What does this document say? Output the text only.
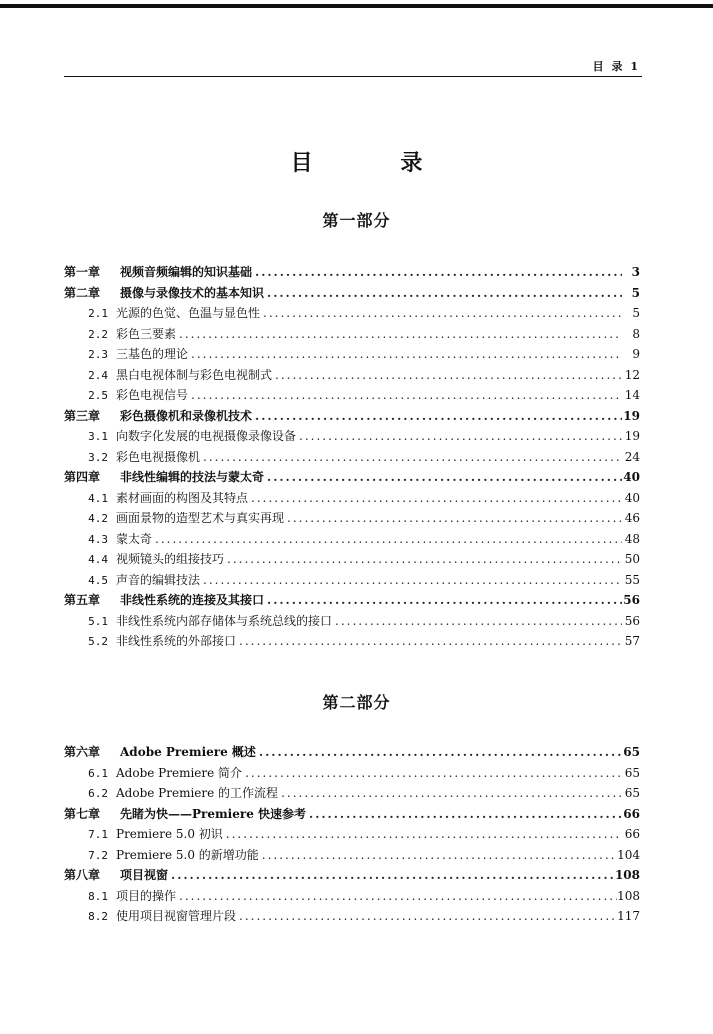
目 录 1
目 录
第一部分
第一章	视频音频编辑的知识基础 .....	3
第二章	摄像与录像技术的基本知识 .....	5
2.1 光源的色觉、色温与显色性 .....	5
2.2 彩色三要素 .....	8
2.3 三基色的理论 .....	9
2.4 黑白电视体制与彩色电视制式 .....	12
2.5 彩色电视信号 .....	14
第三章	彩色摄像机和录像机技术 .....	19
3.1 向数字化发展的电视摄像录像设备 .....	19
3.2 彩色电视摄像机 .....	24
第四章	非线性编辑的技法与蒙太奇 .....	40
4.1 素材画面的构图及其特点 .....	40
4.2 画面景物的造型艺术与真实再现 .....	46
4.3 蒙太奇 .....	48
4.4 视频镜头的组接技巧 .....	50
4.5 声音的编辑技法 .....	55
第五章	非线性系统的连接及其接口 .....	56
5.1 非线性系统内部存储体与系统总线的接口 .....	56
5.2 非线性系统的外部接口 .....	57
第二部分
第六章	Adobe Premiere 概述 .....	65
6.1 Adobe Premiere 简介 .....	65
6.2 Adobe Premiere 的工作流程 .....	65
第七章	先睹为快——Premiere 快速参考 .....	66
7.1 Premiere 5.0 初识 .....	66
7.2 Premiere 5.0 的新增功能 .....	104
第八章	项目视窗 .....	108
8.1 项目的操作 .....	108
8.2 使用项目视窗管理片段 .....	117
